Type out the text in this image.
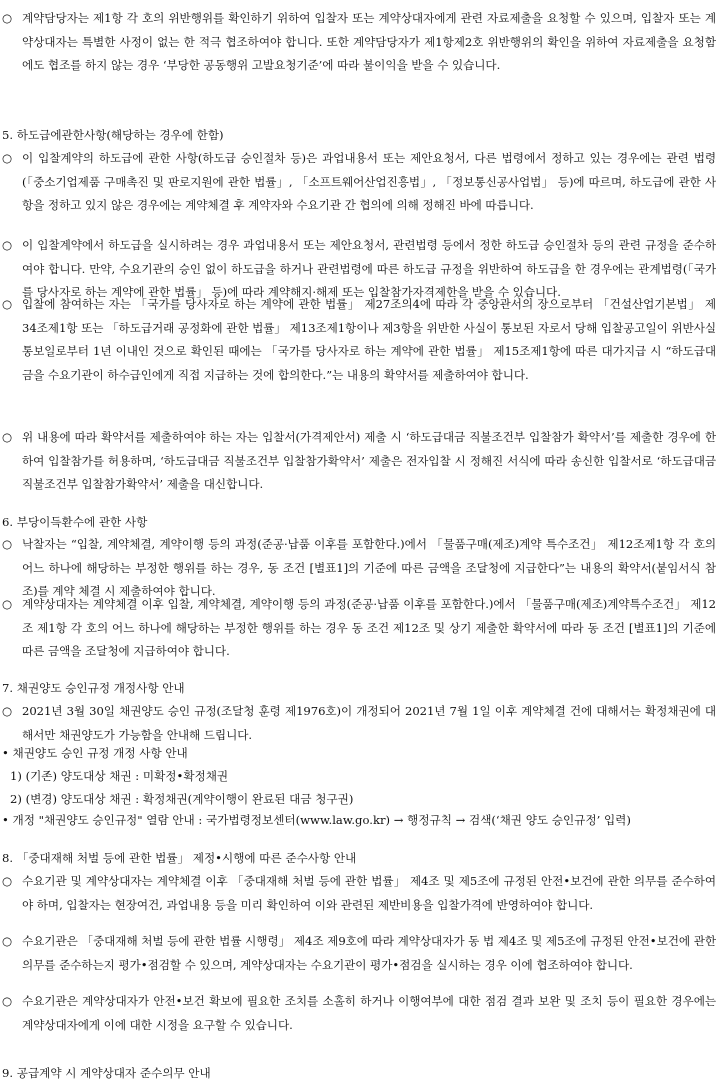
○ 계약담당자는 제1항 각 호의 위반행위를 확인하기 위하여 입찰자 또는 계약상대자에게 관련 자료제출을 요청할 수 있으며, 입찰자 또는 계약상대자는 특별한 사정이 없는 한 적극 협조하여야 합니다. 또한 계약담당자가 제1항제2호 위반행위의 확인을 위하여 자료제출을 요청함에도 협조를 하지 않는 경우 ‘부당한 공동행위 고발요청기준’에 따라 불이익을 받을 수 있습니다.
5. 하도급에관한사항(해당하는 경우에 한함)
○ 이 입찰계약의 하도급에 관한 사항(하도급 승인절차 등)은 과업내용서 또는 제안요청서, 다른 법령에서 정하고 있는 경우에는 관련 법령(「중소기업제품 구매촉진 및 판로지원에 관한 법률」, 「소프트웨어산업진흥법」, 「정보통신공사업법」 등)에 따르며, 하도급에 관한 사항을 정하고 있지 않은 경우에는 계약체결 후 계약자와 수요기관 간 협의에 의해 정해진 바에 따릅니다.
○ 이 입찰계약에서 하도급을 실시하려는 경우 과업내용서 또는 제안요청서, 관련법령 등에서 정한 하도급 승인절차 등의 관련 규정을 준수하여야 합니다. 만약, 수요기관의 승인 없이 하도급을 하거나 관련법령에 따른 하도급 규정을 위반하여 하도급을 한 경우에는 관계법령(「국가를 당사자로 하는 계약에 관한 법률」 등)에 따라 계약해지·해제 또는 입찰참가자격제한을 받을 수 있습니다.
○ 입찰에 참여하는 자는 「국가를 당사자로 하는 계약에 관한 법률」 제27조의4에 따라 각 중앙관서의 장으로부터 「건설산업기본법」 제34조제1항 또는 「하도급거래 공정화에 관한 법률」 제13조제1항이나 제3항을 위반한 사실이 통보된 자로서 당해 입찰공고일이 위반사실 통보일로부터 1년 이내인 것으로 확인된 때에는 「국가를 당사자로 하는 계약에 관한 법률」 제15조제1항에 따른 대가지급 시 “하도급대금을 수요기관이 하수급인에게 직접 지급하는 것에 합의한다.”는 내용의 확약서를 제출하여야 합니다.
○ 위 내용에 따라 확약서를 제출하여야 하는 자는 입찰서(가격제안서) 제출 시 ‘하도급대금 직불조건부 입찰참가 확약서’를 제출한 경우에 한하여 입찰참가를 허용하며, ‘하도급대금 직불조건부 입찰참가확약서’ 제출은 전자입찰 시 정해진 서식에 따라 송신한 입찰서로 ‘하도급대금 직불조건부 입찰참가확약서’ 제출을 대신합니다.
6. 부당이득환수에 관한 사항
○ 낙찰자는 “입찰, 계약체결, 계약이행 등의 과정(준공·납품 이후를 포함한다.)에서 「물품구매(제조)계약 특수조건」 제12조제1항 각 호의 어느 하나에 해당하는 부정한 행위를 하는 경우, 동 조건 [별표1]의 기준에 따른 금액을 조달청에 지급한다”는 내용의 확약서(붙임서식 참조)를 계약 체결 시 제출하여야 합니다.
○ 계약상대자는 계약체결 이후 입찰, 계약체결, 계약이행 등의 과정(준공·납품 이후를 포함한다.)에서 「물품구매(제조)계약특수조건」 제12조 제1항 각 호의 어느 하나에 해당하는 부정한 행위를 하는 경우 동 조건 제12조 및 상기 제출한 확약서에 따라 동 조건 [별표1]의 기준에 따른 금액을 조달청에 지급하여야 합니다.
7. 채권양도 승인규정 개정사항 안내
○ 2021년 3월 30일 채권양도 승인 규정(조달청 훈령 제1976호)이 개정되어 2021년 7월 1일 이후 계약체결 건에 대해서는 확정채권에 대해서만 채권양도가 가능함을 안내해 드립니다.
• 채권양도 승인 규정 개정 사항 안내
1) (기존) 양도대상 채권 : 미확정•확정채권
2) (변경) 양도대상 채권 : 확정채권(계약이행이 완료된 대금 청구권)
• 개정 "채권양도 승인규정" 열람 안내 : 국가법령정보센터(www.law.go.kr) → 행정규칙 → 검색(‘채권 양도 승인규정’ 입력)
8. 「중대재해 처벌 등에 관한 법률」 제정•시행에 따른 준수사항 안내
○ 수요기관 및 계약상대자는 계약체결 이후 「중대재해 처벌 등에 관한 법률」 제4조 및 제5조에 규정된 안전•보건에 관한 의무를 준수하여야 하며, 입찰자는 현장여건, 과업내용 등을 미리 확인하여 이와 관련된 제반비용을 입찰가격에 반영하여야 합니다.
○ 수요기관은 「중대재해 처벌 등에 관한 법률 시행령」 제4조 제9호에 따라 계약상대자가 동 법 제4조 및 제5조에 규정된 안전•보건에 관한 의무를 준수하는지 평가•점검할 수 있으며, 계약상대자는 수요기관이 평가•점검을 실시하는 경우 이에 협조하여야 합니다.
○ 수요기관은 계약상대자가 안전•보건 확보에 필요한 조치를 소홀히 하거나 이행여부에 대한 점검 결과 보완 및 조치 등이 필요한 경우에는 계약상대자에게 이에 대한 시정을 요구할 수 있습니다.
9. 공급계약 시 계약상대자 준수의무 안내
